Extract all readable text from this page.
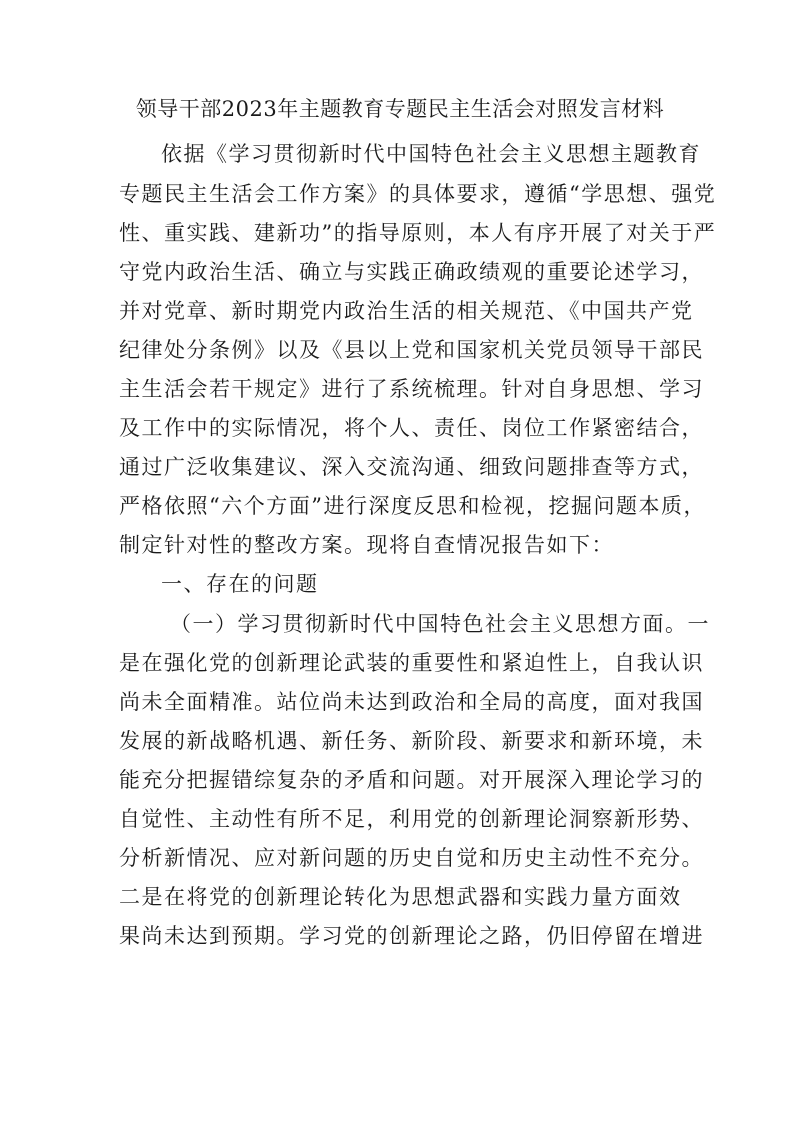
领导干部2023年主题教育专题民主生活会对照发言材料
依据《学习贯彻新时代中国特色社会主义思想主题教育
专题民主生活会工作方案》的具体要求，遵循“学思想、强党
性、重实践、建新功”的指导原则，本人有序开展了对关于严
守党内政治生活、确立与实践正确政绩观的重要论述学习，
并对党章、新时期党内政治生活的相关规范、《中国共产党
纪律处分条例》以及《县以上党和国家机关党员领导干部民
主生活会若干规定》进行了系统梳理。针对自身思想、学习
及工作中的实际情况，将个人、责任、岗位工作紧密结合，
通过广泛收集建议、深入交流沟通、细致问题排查等方式，
严格依照“六个方面”进行深度反思和检视，挖掘问题本质，
制定针对性的整改方案。现将自查情况报告如下：
一、存在的问题
（一）学习贯彻新时代中国特色社会主义思想方面。一
是在强化党的创新理论武装的重要性和紧迫性上，自我认识
尚未全面精准。站位尚未达到政治和全局的高度，面对我国
发展的新战略机遇、新任务、新阶段、新要求和新环境，未
能充分把握错综复杂的矛盾和问题。对开展深入理论学习的
自觉性、主动性有所不足，利用党的创新理论洞察新形势、
分析新情况、应对新问题的历史自觉和历史主动性不充分。
二是在将党的创新理论转化为思想武器和实践力量方面效
果尚未达到预期。学习党的创新理论之路，仍旧停留在增进
